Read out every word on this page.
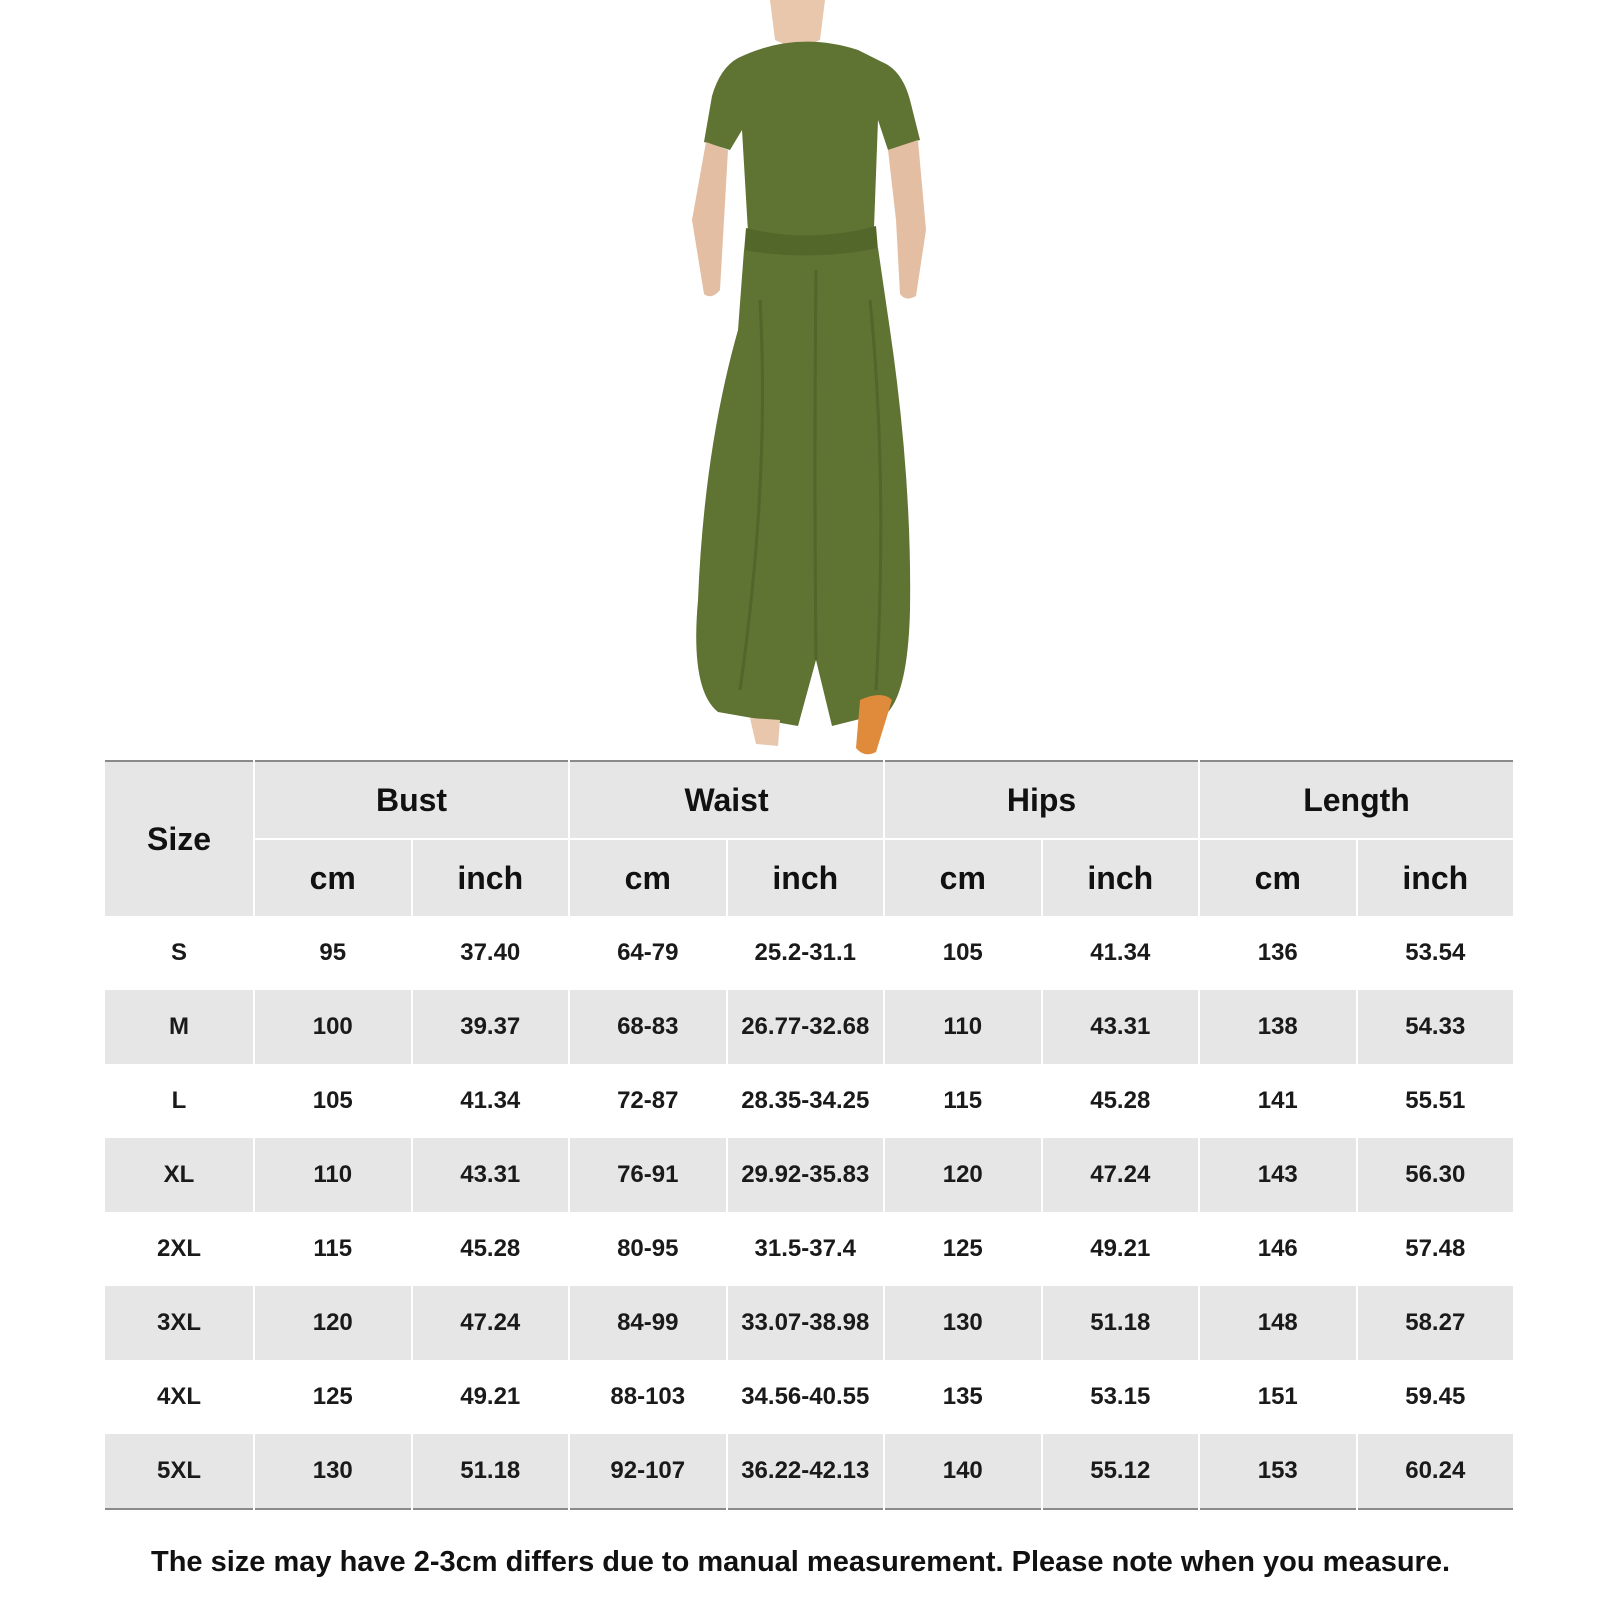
Size	Bust		Waist		Hips		Length	
	cm	inch	cm	inch	cm	inch	cm	inch
S	95	37.40	64-79	25.2-31.1	105	41.34	136	53.54
M	100	39.37	68-83	26.77-32.68	110	43.31	138	54.33
L	105	41.34	72-87	28.35-34.25	115	45.28	141	55.51
XL	110	43.31	76-91	29.92-35.83	120	47.24	143	56.30
2XL	115	45.28	80-95	31.5-37.4	125	49.21	146	57.48
3XL	120	47.24	84-99	33.07-38.98	130	51.18	148	58.27
4XL	125	49.21	88-103	34.56-40.55	135	53.15	151	59.45
5XL	130	51.18	92-107	36.22-42.13	140	55.12	153	60.24
The size may have 2-3cm differs due to manual measurement. Please note when you measure.
